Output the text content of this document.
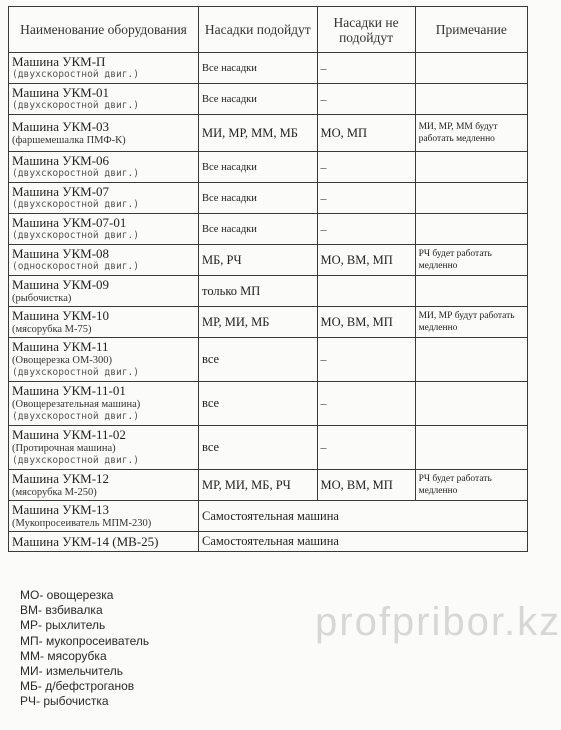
Наименование оборудования	Насадки подойдут	Насадки не подойдут	Примечание

Машина УКМ-П
(двухскоростной двиг.)	Все насадки	–	

Машина УКМ-01
(двухскоростной двиг.)	Все насадки	–	

Машина УКМ-03
(фаршемешалка ПМФ-К)	МИ, МР, ММ, МБ	МО, МП	МИ, МР, ММ будут работать медленно

Машина УКМ-06
(двухскоростной двиг.)	Все насадки	–	

Машина УКМ-07
(двухскоростной двиг.)	Все насадки	–	

Машина УКМ-07-01
(двухскоростной двиг.)	Все насадки	–	

Машина УКМ-08
(односкоростной двиг.)	МБ, РЧ	МО, ВМ, МП	РЧ будет работать медленно

Машина УКМ-09
(рыбочистка)	только МП		

Машина УКМ-10
(мясорубка М-75)	МР, МИ, МБ	МО, ВМ, МП	МИ, МР будут работать медленно

Машина УКМ-11
(Овощерезка ОМ-300)
(двухскоростной двиг.)	все	–	

Машина УКМ-11-01
(Овощерезательная машина)
(двухскоростной двиг.)	все	–	

Машина УКМ-11-02
(Протирочная машина)
(двухскоростной двиг.)	все	–	

Машина УКМ-12
(мясорубка М-250)	МР, МИ, МБ, РЧ	МО, ВМ, МП	РЧ будет работать медленно

Машина УКМ-13
(Мукопросеиватель МПМ-230)	Самостоятельная машина		

Машина УКМ-14 (МВ-25)	Самостоятельная машина		
МО- овощерезка
ВМ- взбивалка
МР- рыхлитель
МП- мукопросеиватель
ММ- мясорубка
МИ- измельчитель
МБ- д/бефстроганов
РЧ- рыбочистка
profpribor.kz
